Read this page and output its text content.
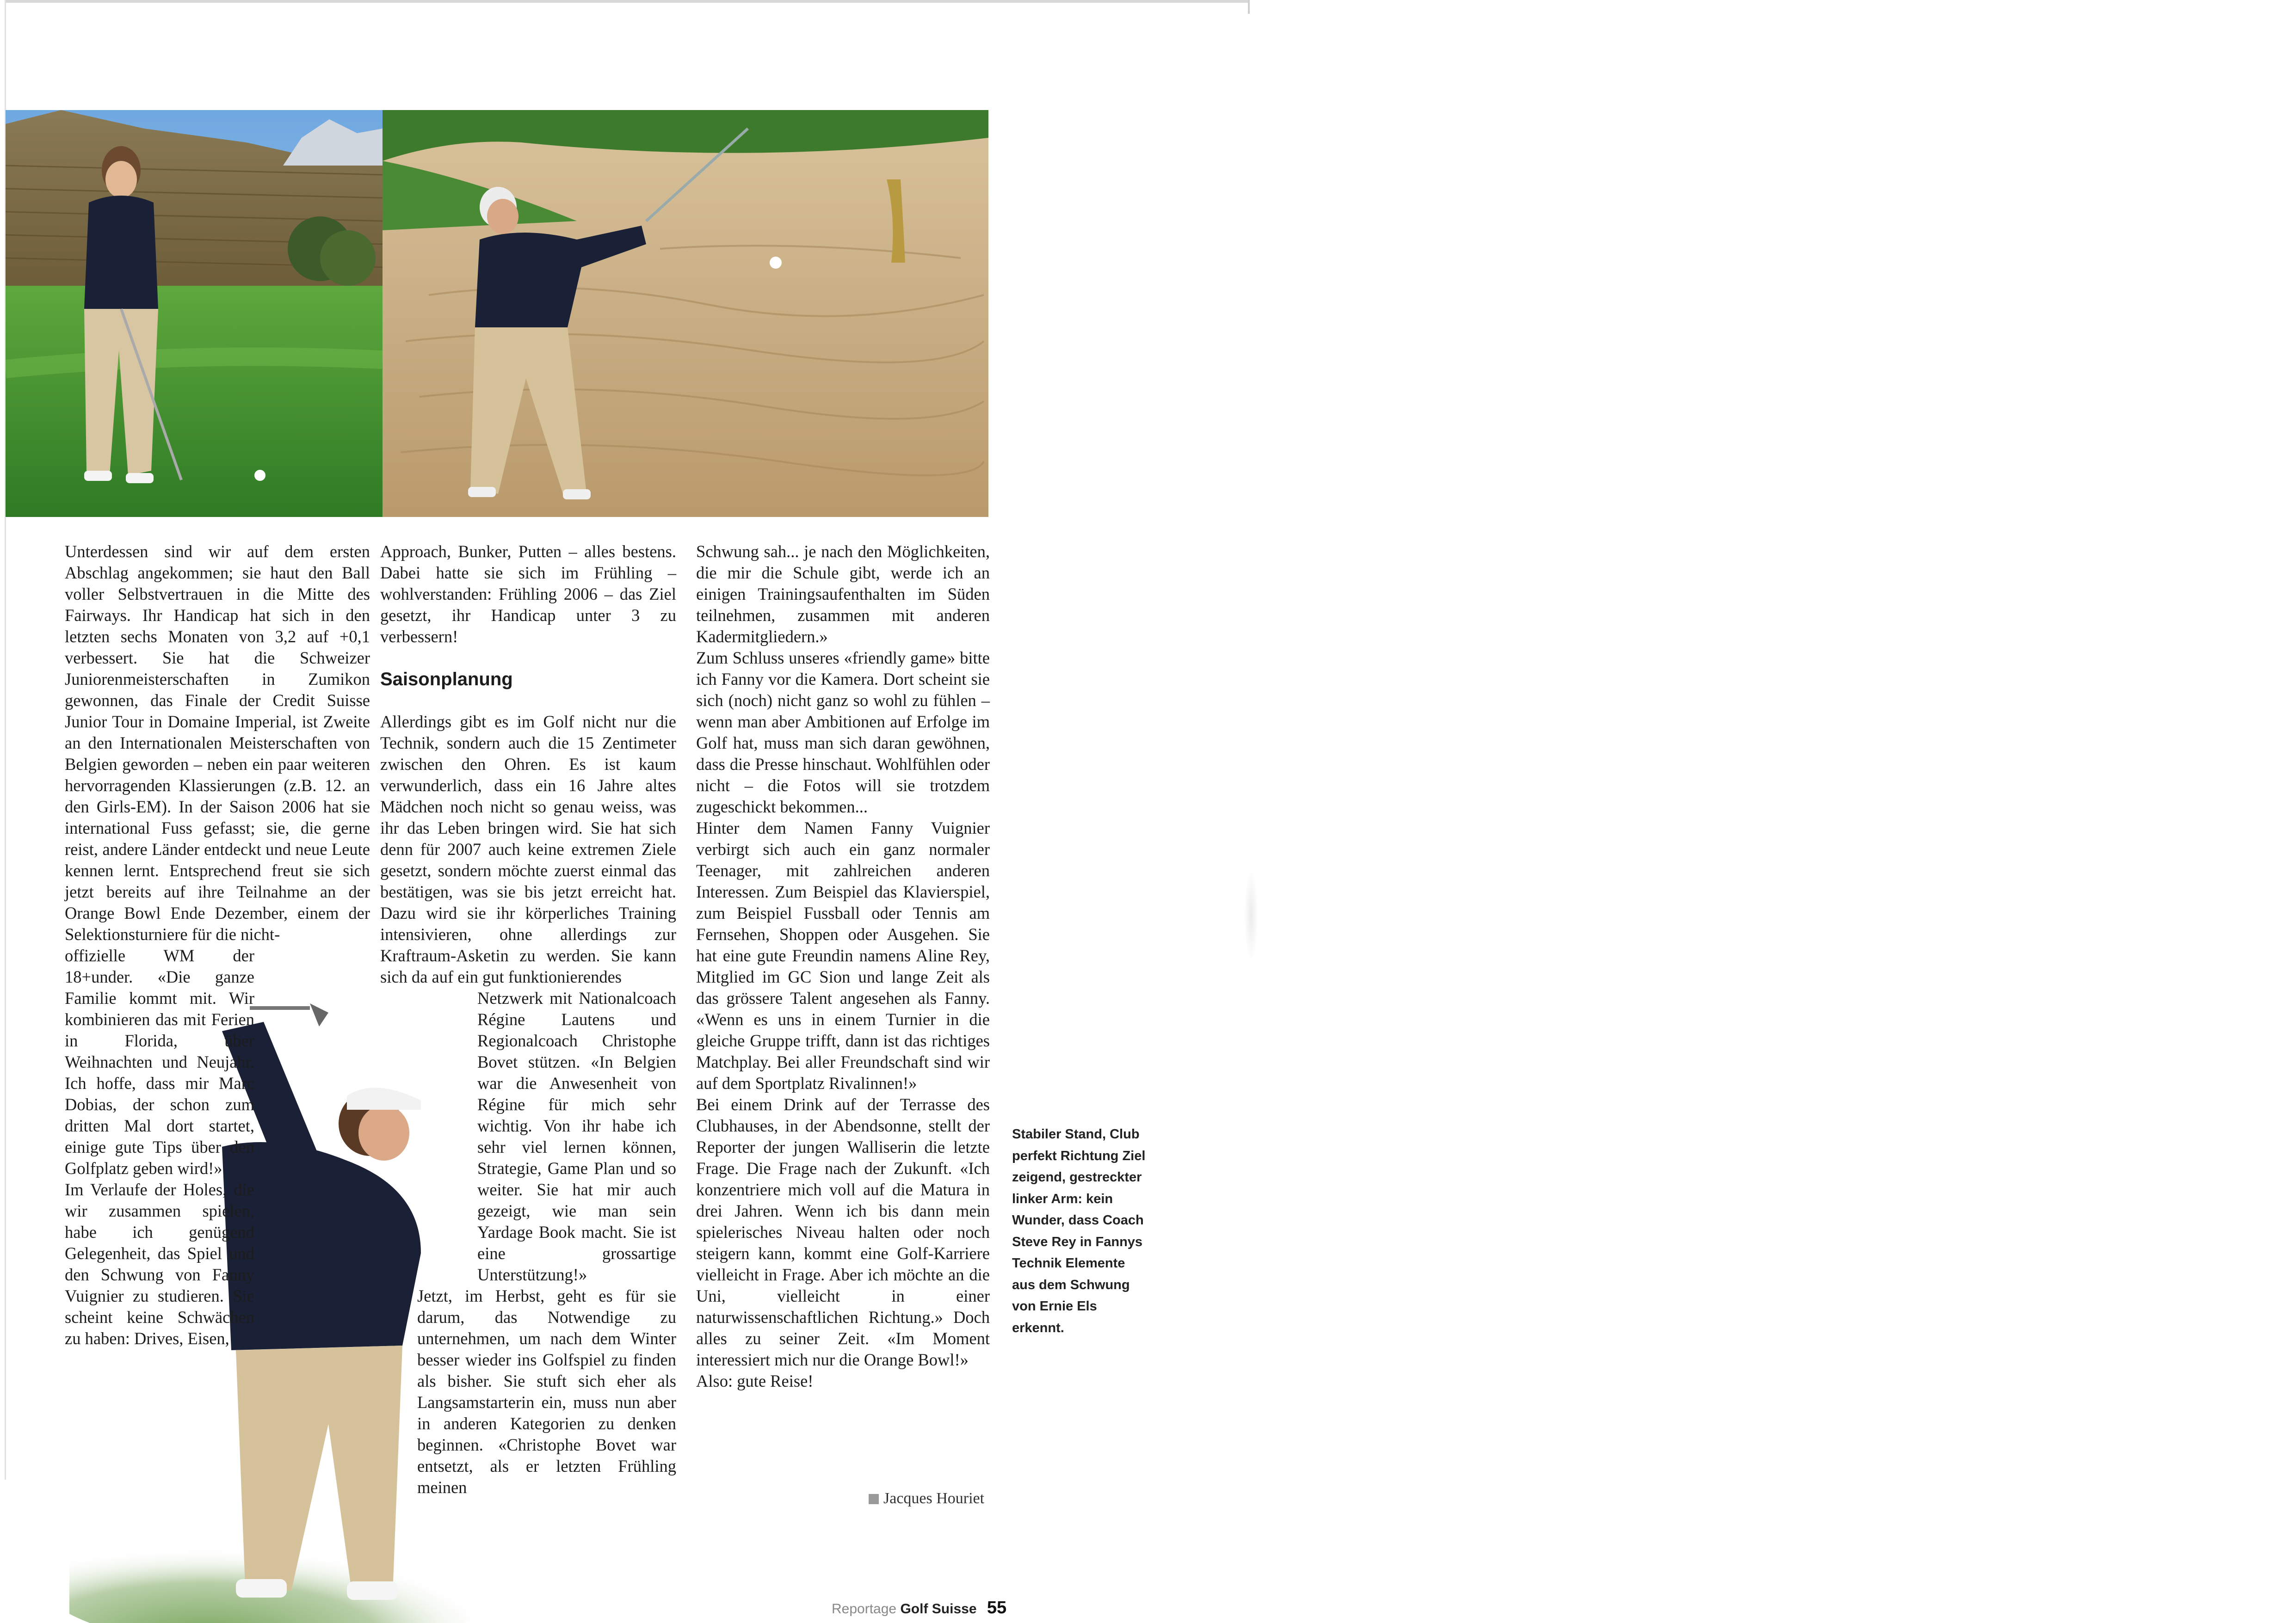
Unterdessen sind wir auf dem ersten Abschlag angekommen; sie haut den Ball voller Selbstvertrauen in die Mitte des Fairways. Ihr Handicap hat sich in den letzten sechs Monaten von 3,2 auf +0,1 verbessert. Sie hat die Schweizer Juniorenmeisterschaften in Zumikon gewonnen, das Finale der Credit Suisse Junior Tour in Domaine Imperial, ist Zweite an den Internationalen Meisterschaften von Belgien geworden – neben ein paar weiteren hervorragenden Klassierungen (z.B. 12. an den Girls-EM). In der Saison 2006 hat sie international Fuss gefasst; sie, die gerne reist, andere Länder entdeckt und neue Leute kennen lernt. Entsprechend freut sie sich jetzt bereits auf ihre Teilnahme an der Orange Bowl Ende Dezember, einem der Selektionsturniere für die nicht-

offizielle WM der 18+under. «Die ganze Familie kommt mit. Wir kombinieren das mit Ferien in Florida, über Weihnachten und Neujahr. Ich hoffe, dass mir Marc Dobias, der schon zum dritten Mal dort startet, einige gute Tips über den Golfplatz geben wird!»

Im Verlaufe der Holes, die wir zusammen spielen, habe ich genügend Gelegenheit, das Spiel und den Schwung von Fanny Vuignier zu studieren. Sie scheint keine Schwächen zu haben: Drives, Eisen,

Approach, Bunker, Putten – alles bestens. Dabei hatte sie sich im Frühling – wohlverstanden: Frühling 2006 – das Ziel gesetzt, ihr Handicap unter 3 zu verbessern!

Saisonplanung

Allerdings gibt es im Golf nicht nur die Technik, sondern auch die 15 Zentimeter zwischen den Ohren. Es ist kaum verwunderlich, dass ein 16 Jahre altes Mädchen noch nicht so genau weiss, was ihr das Leben bringen wird. Sie hat sich denn für 2007 auch keine extremen Ziele gesetzt, sondern möchte zuerst einmal das bestätigen, was sie bis jetzt erreicht hat. Dazu wird sie ihr körperliches Training intensivieren, ohne allerdings zur Kraftraum-Asketin zu werden. Sie kann sich da auf ein gut funktionierendes

Netzwerk mit Nationalcoach Régine Lautens und Regionalcoach Christophe Bovet stützen. «In Belgien war die Anwesenheit von Régine für mich sehr wichtig. Von ihr habe ich sehr viel lernen können, Strategie, Game Plan und so weiter. Sie hat mir auch gezeigt, wie man sein Yardage Book macht. Sie ist eine grossartige Unterstützung!»

Jetzt, im Herbst, geht es für sie darum, das Notwendige zu unternehmen, um nach dem Winter besser wieder ins Golfspiel zu finden als bisher. Sie stuft sich eher als Langsamstarterin ein, muss nun aber in anderen Kategorien zu denken beginnen. «Christophe Bovet war entsetzt, als er letzten Frühling meinen

Schwung sah... je nach den Möglichkeiten, die mir die Schule gibt, werde ich an einigen Trainingsaufenthalten im Süden teilnehmen, zusammen mit anderen Kadermitgliedern.»

Zum Schluss unseres «friendly game» bitte ich Fanny vor die Kamera. Dort scheint sie sich (noch) nicht ganz so wohl zu fühlen – wenn man aber Ambitionen auf Erfolge im Golf hat, muss man sich daran gewöhnen, dass die Presse hinschaut. Wohlfühlen oder nicht – die Fotos will sie trotzdem zugeschickt bekommen...

Hinter dem Namen Fanny Vuignier verbirgt sich auch ein ganz normaler Teenager, mit zahlreichen anderen Interessen. Zum Beispiel das Klavierspiel, zum Beispiel Fussball oder Tennis am Fernsehen, Shoppen oder Ausgehen. Sie hat eine gute Freundin namens Aline Rey, Mitglied im GC Sion und lange Zeit als das grössere Talent angesehen als Fanny. «Wenn es uns in einem Turnier in die gleiche Gruppe trifft, dann ist das richtiges Matchplay. Bei aller Freundschaft sind wir auf dem Sportplatz Rivalinnen!»

Bei einem Drink auf der Terrasse des Clubhauses, in der Abendsonne, stellt der Reporter der jungen Walliserin die letzte Frage. Die Frage nach der Zukunft. «Ich konzentriere mich voll auf die Matura in drei Jahren. Wenn ich bis dann mein spielerisches Niveau halten oder noch steigern kann, kommt eine Golf-Karriere vielleicht in Frage. Aber ich möchte an die Uni, vielleicht in einer naturwissenschaftlichen Richtung.» Doch alles zu seiner Zeit. «Im Moment interessiert mich nur die Orange Bowl!»

Also: gute Reise!

Stabiler Stand, Club perfekt Richtung Ziel zeigend, gestreckter linker Arm: kein Wunder, dass Coach Steve Rey in Fannys Technik Elemente aus dem Schwung von Ernie Els erkennt.
Jacques Houriet
Reportage Golf Suisse 55
